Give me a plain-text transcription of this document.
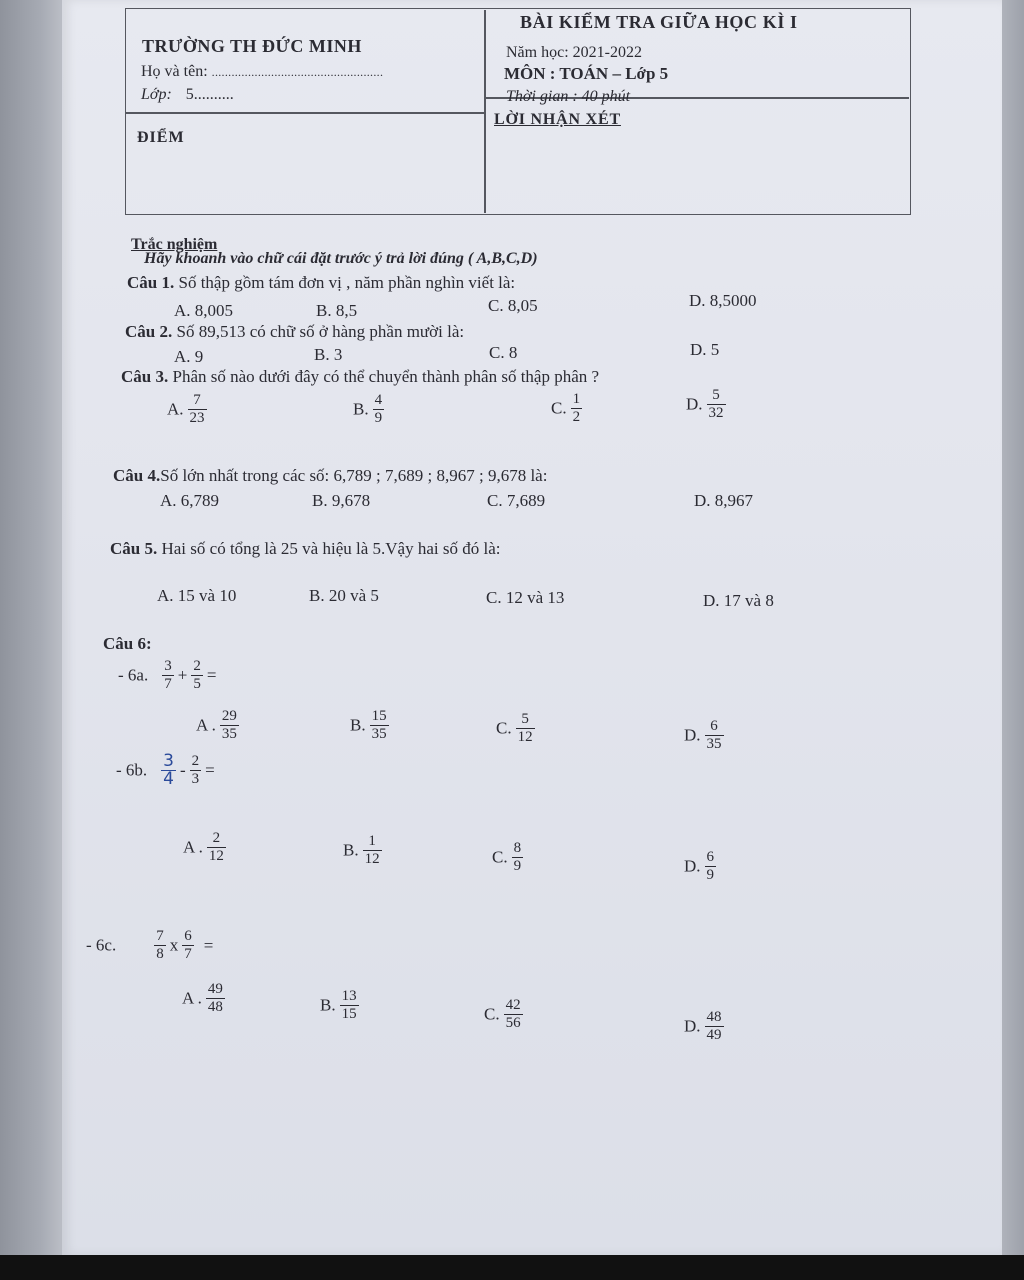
TRƯỜNG TH ĐỨC MINH
Họ và tên: ....................................................
Lớp: 5..........
ĐIỂM
BÀI KIỂM TRA GIỮA HỌC KÌ I
Năm học: 2021-2022
MÔN : TOÁN – Lớp 5
Thời gian : 40 phút
LỜI NHẬN XÉT
Trắc nghiệm
Hãy khoanh vào chữ cái đặt trước ý trả lời đúng ( A,B,C,D)
Câu 1. Số thập gồm tám đơn vị , năm phần nghìn viết là:
A. 8,005	B. 8,5	C. 8,05	D. 8,5000
Câu 2. Số 89,513 có chữ số ở hàng phần mười là:
A. 9	B. 3	C. 8	D. 5
Câu 3. Phân số nào dưới đây có thể chuyển thành phân số thập phân ?
A. $\frac{7}{23}$	B. $\frac{4}{9}$	C. $\frac{1}{2}$	D. $\frac{5}{32}$
Câu 4.Số lớn nhất trong các số: 6,789 ; 7,689 ; 8,967 ; 9,678 là:
A. 6,789	B. 9,678	C. 7,689	D. 8,967
Câu 5. Hai số có tổng là 25 và hiệu là 5.Vậy hai số đó là:
A. 15 và 10	B. 20 và 5	C. 12 và 13	D. 17 và 8
Câu 6:
- 6a. $\frac{3}{7} + \frac{2}{5}$ =
A . $\frac{29}{35}$	B. $\frac{15}{35}$	C. $\frac{5}{12}$	D. $\frac{6}{35}$
- 6b. $\frac{3}{4} - \frac{2}{3}$ =
A . $\frac{2}{12}$	B. $\frac{1}{12}$	C. $\frac{8}{9}$	D. $\frac{6}{9}$
- 6c.	$\frac{7}{8}$ x $\frac{6}{7}$ =
A . $\frac{49}{48}$	B. $\frac{13}{15}$	C. $\frac{42}{56}$	D. $\frac{48}{49}$
